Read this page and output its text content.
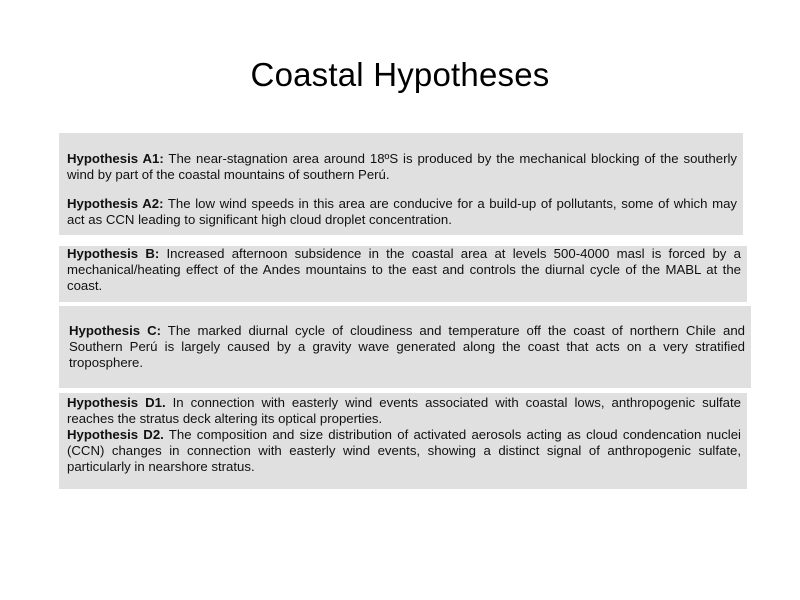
Coastal Hypotheses

Hypothesis A1: The near-stagnation area around 18ºS is produced by the mechanical blocking of the southerly wind by part of the coastal mountains of southern Perú.

Hypothesis A2: The low wind speeds in this area are conducive for a build-up of pollutants, some of which may act as CCN leading to significant high cloud droplet concentration.

Hypothesis B: Increased afternoon subsidence in the coastal area at levels 500-4000 masl is forced by a mechanical/heating effect of the Andes mountains to the east and controls the diurnal cycle of the MABL at the coast.

Hypothesis C: The marked diurnal cycle of cloudiness and temperature off the coast of northern Chile and Southern Perú is largely caused by a gravity wave generated along the coast that acts on a very stratified troposphere.

Hypothesis D1. In connection with easterly wind events associated with coastal lows, anthropogenic sulfate reaches the stratus deck altering its optical properties.

Hypothesis D2. The composition and size distribution of activated aerosols acting as cloud condencation nuclei (CCN) changes in connection with easterly wind events, showing a distinct signal of anthropogenic sulfate, particularly in nearshore stratus.
